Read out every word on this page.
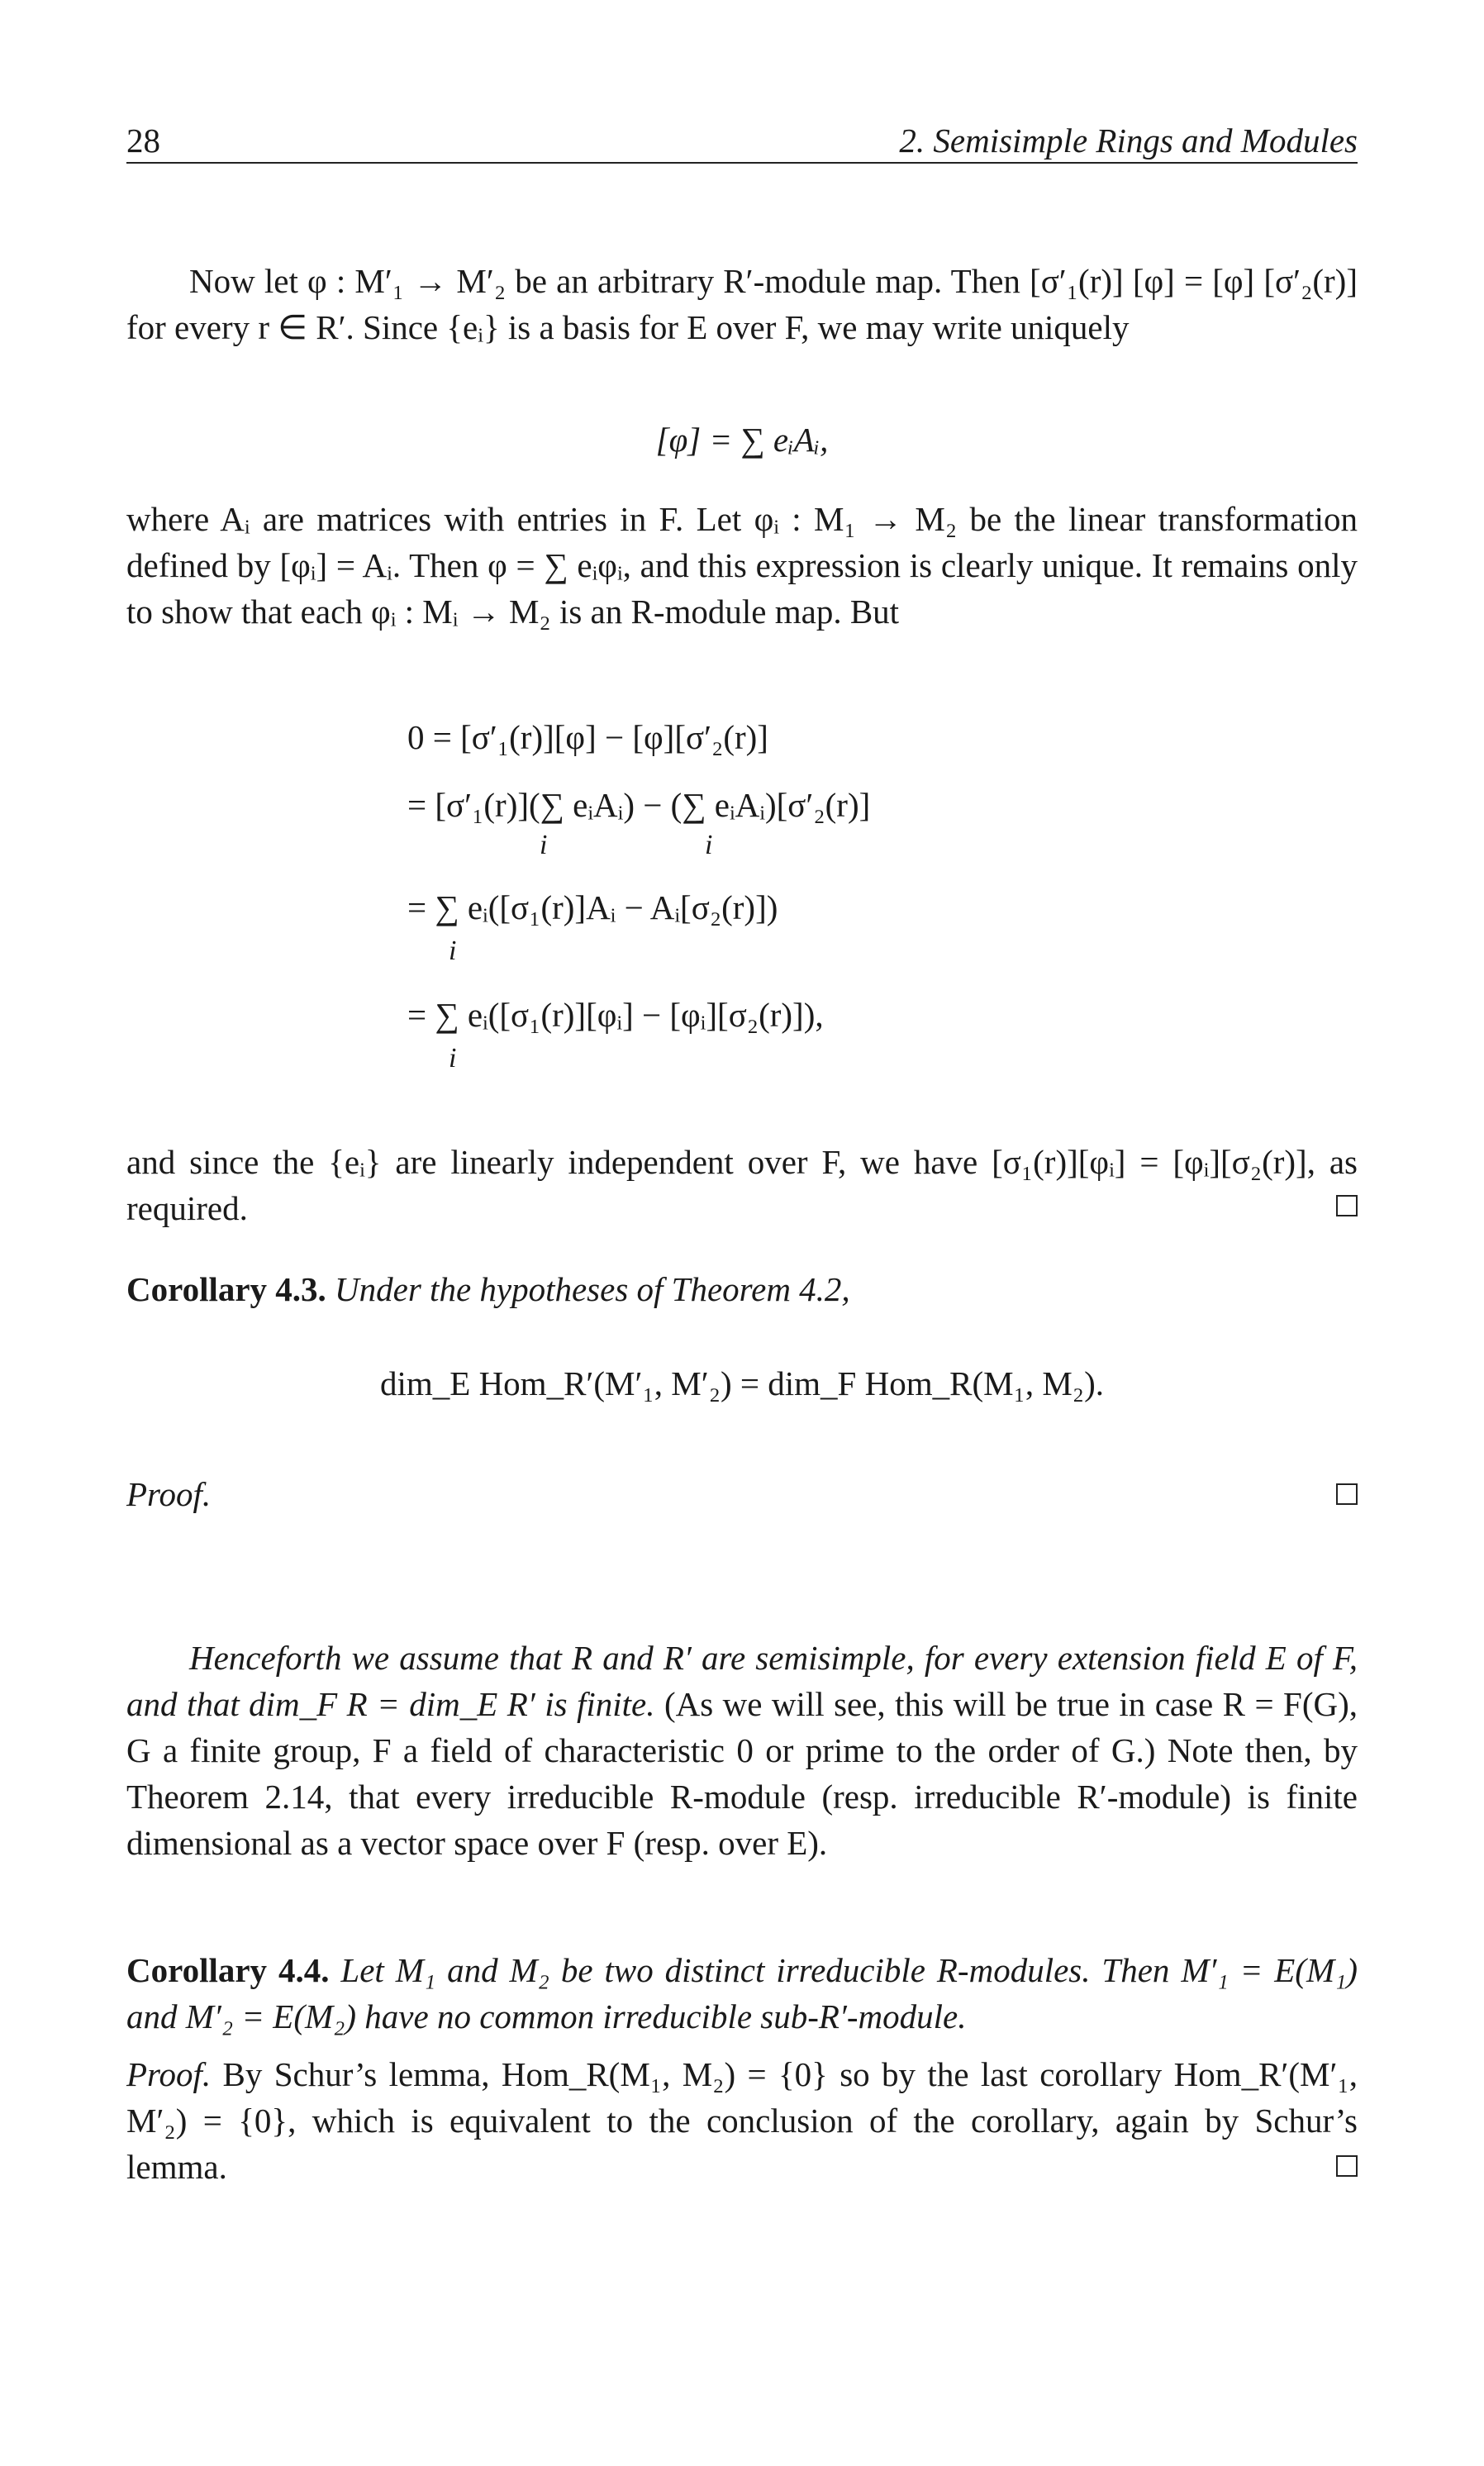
28	2. Semisimple Rings and Modules
Now let φ : M′₁ → M′₂ be an arbitrary R′-module map. Then [σ′₁(r)] [φ] = [φ] [σ′₂(r)] for every r ∈ R′. Since {eᵢ} is a basis for E over F, we may write uniquely
[φ] = ∑ eᵢAᵢ,
where Aᵢ are matrices with entries in F. Let φᵢ : M₁ → M₂ be the linear transformation defined by [φᵢ] = Aᵢ. Then φ = ∑ eᵢφᵢ, and this expression is clearly unique. It remains only to show that each φᵢ : Mᵢ → M₂ is an R-module map. But
0 = [σ′₁(r)][φ] − [φ][σ′₂(r)]
= [σ′₁(r)](∑ eᵢAᵢ) − (∑ eᵢAᵢ)[σ′₂(r)]
i	i
= ∑ eᵢ([σ₁(r)]Aᵢ − Aᵢ[σ₂(r)])
i
= ∑ eᵢ([σ₁(r)][φᵢ] − [φᵢ][σ₂(r)]),
i
and since the {eᵢ} are linearly independent over F, we have [σ₁(r)][φᵢ] = [φᵢ][σ₂(r)], as required.
Corollary 4.3. Under the hypotheses of Theorem 4.2,
dim_E Hom_R′(M′₁, M′₂) = dim_F Hom_R(M₁, M₂).
Proof.
Henceforth we assume that R and R′ are semisimple, for every extension field E of F, and that dim_F R = dim_E R′ is finite. (As we will see, this will be true in case R = F(G), G a finite group, F a field of characteristic 0 or prime to the order of G.) Note then, by Theorem 2.14, that every irreducible R-module (resp. irreducible R′-module) is finite dimensional as a vector space over F (resp. over E).
Corollary 4.4. Let M₁ and M₂ be two distinct irreducible R-modules. Then M′₁ = E(M₁) and M′₂ = E(M₂) have no common irreducible sub-R′-module.
Proof. By Schur’s lemma, Hom_R(M₁, M₂) = {0} so by the last corollary Hom_R′(M′₁, M′₂) = {0}, which is equivalent to the conclusion of the corollary, again by Schur’s lemma.
